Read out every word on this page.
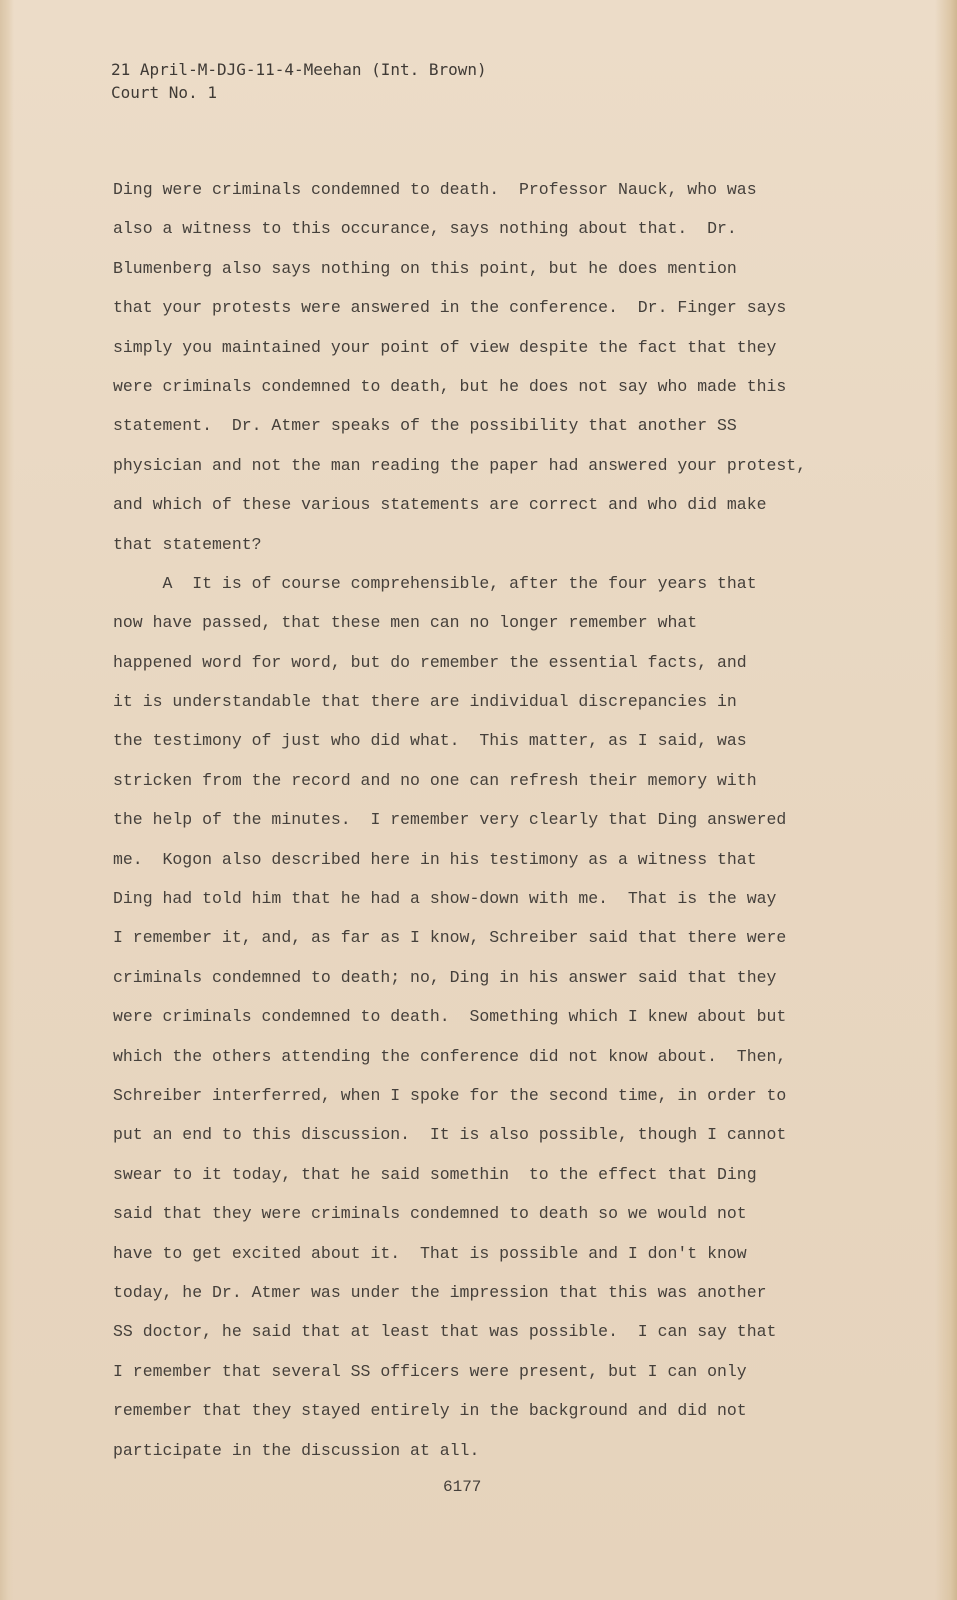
21 April-M-DJG-11-4-Meehan (Int. Brown)
Court No. 1
Ding were criminals condemned to death.  Professor Nauck, who was
also a witness to this occurance, says nothing about that.  Dr.
Blumenberg also says nothing on this point, but he does mention
that your protests were answered in the conference.  Dr. Finger says
simply you maintained your point of view despite the fact that they
were criminals condemned to death, but he does not say who made this
statement.  Dr. Atmer speaks of the possibility that another SS
physician and not the man reading the paper had answered your protest,
and which of these various statements are correct and who did make
that statement?
A  It is of course comprehensible, after the four years that
now have passed, that these men can no longer remember what
happened word for word, but do remember the essential facts, and
it is understandable that there are individual discrepancies in
the testimony of just who did what.  This matter, as I said, was
stricken from the record and no one can refresh their memory with
the help of the minutes.  I remember very clearly that Ding answered
me.  Kogon also described here in his testimony as a witness that
Ding had told him that he had a show-down with me.  That is the way
I remember it, and, as far as I know, Schreiber said that there were
criminals condemned to death; no, Ding in his answer said that they
were criminals condemned to death.  Something which I knew about but
which the others attending the conference did not know about.  Then,
Schreiber interferred, when I spoke for the second time, in order to
put an end to this discussion.  It is also possible, though I cannot
swear to it today, that he said somethin  to the effect that Ding
said that they were criminals condemned to death so we would not
have to get excited about it.  That is possible and I don't know
today, he Dr. Atmer was under the impression that this was another
SS doctor, he said that at least that was possible.  I can say that
I remember that several SS officers were present, but I can only
remember that they stayed entirely in the background and did not
participate in the discussion at all.
6177
